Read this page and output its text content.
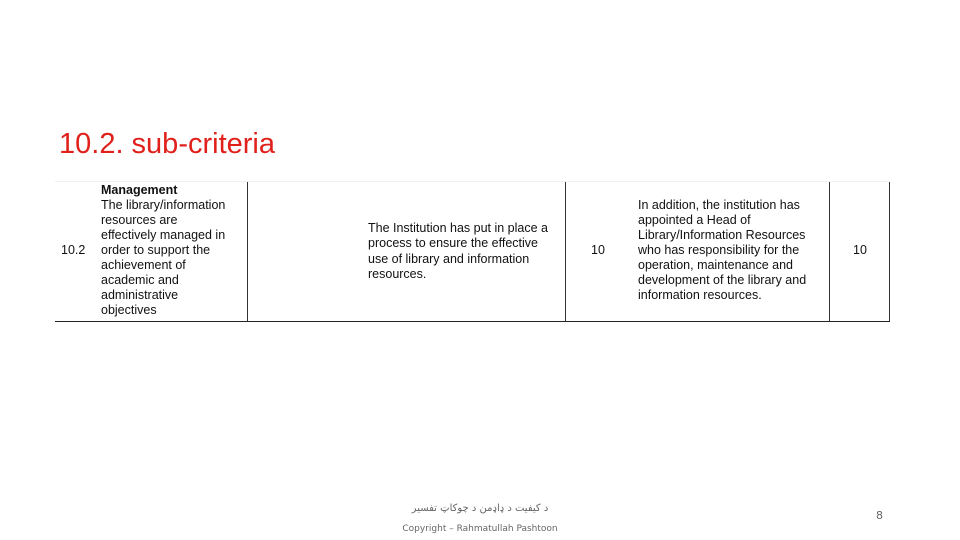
10.2. sub-criteria
10.2
Management
The library/information
resources are
effectively managed in
order to support the
achievement of
academic and
administrative
objectives
The Institution has put in place a
process to ensure the effective
use of library and information
resources.
10
In addition, the institution has
appointed a Head of
Library/Information Resources
who has responsibility for the
operation, maintenance and
development of the library and
information resources.
10
د کیفیت د ډاډمن د چوکاټ تفسیر
Copyright – Rahmatullah Pashtoon
8
